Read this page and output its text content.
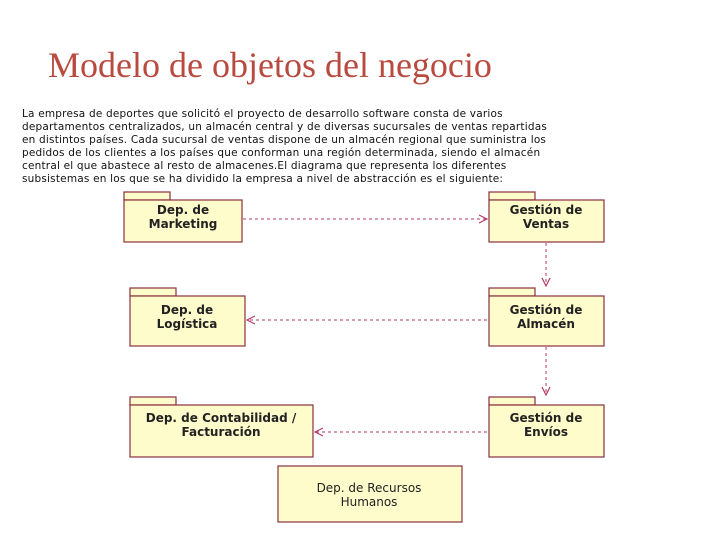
Modelo de objetos del negocio
La empresa de deportes que solicitó el proyecto de desarrollo software consta de varios
departamentos centralizados, un almacén central y de diversas sucursales de ventas repartidas
en distintos países. Cada sucursal de ventas dispone de un almacén regional que suministra los
pedidos de los clientes a los países que conforman una región determinada, siendo el almacén
central el que abastece al resto de almacenes.El diagrama que representa los diferentes
subsistemas en los que se ha dividido la empresa a nivel de abstracción es el siguiente:
Dep. de
Marketing
Gestión de
Ventas
Dep. de
Logística
Gestión de
Almacén
Dep. de Contabilidad /
Facturación
Gestión de
Envíos
Dep. de Recursos
Humanos
